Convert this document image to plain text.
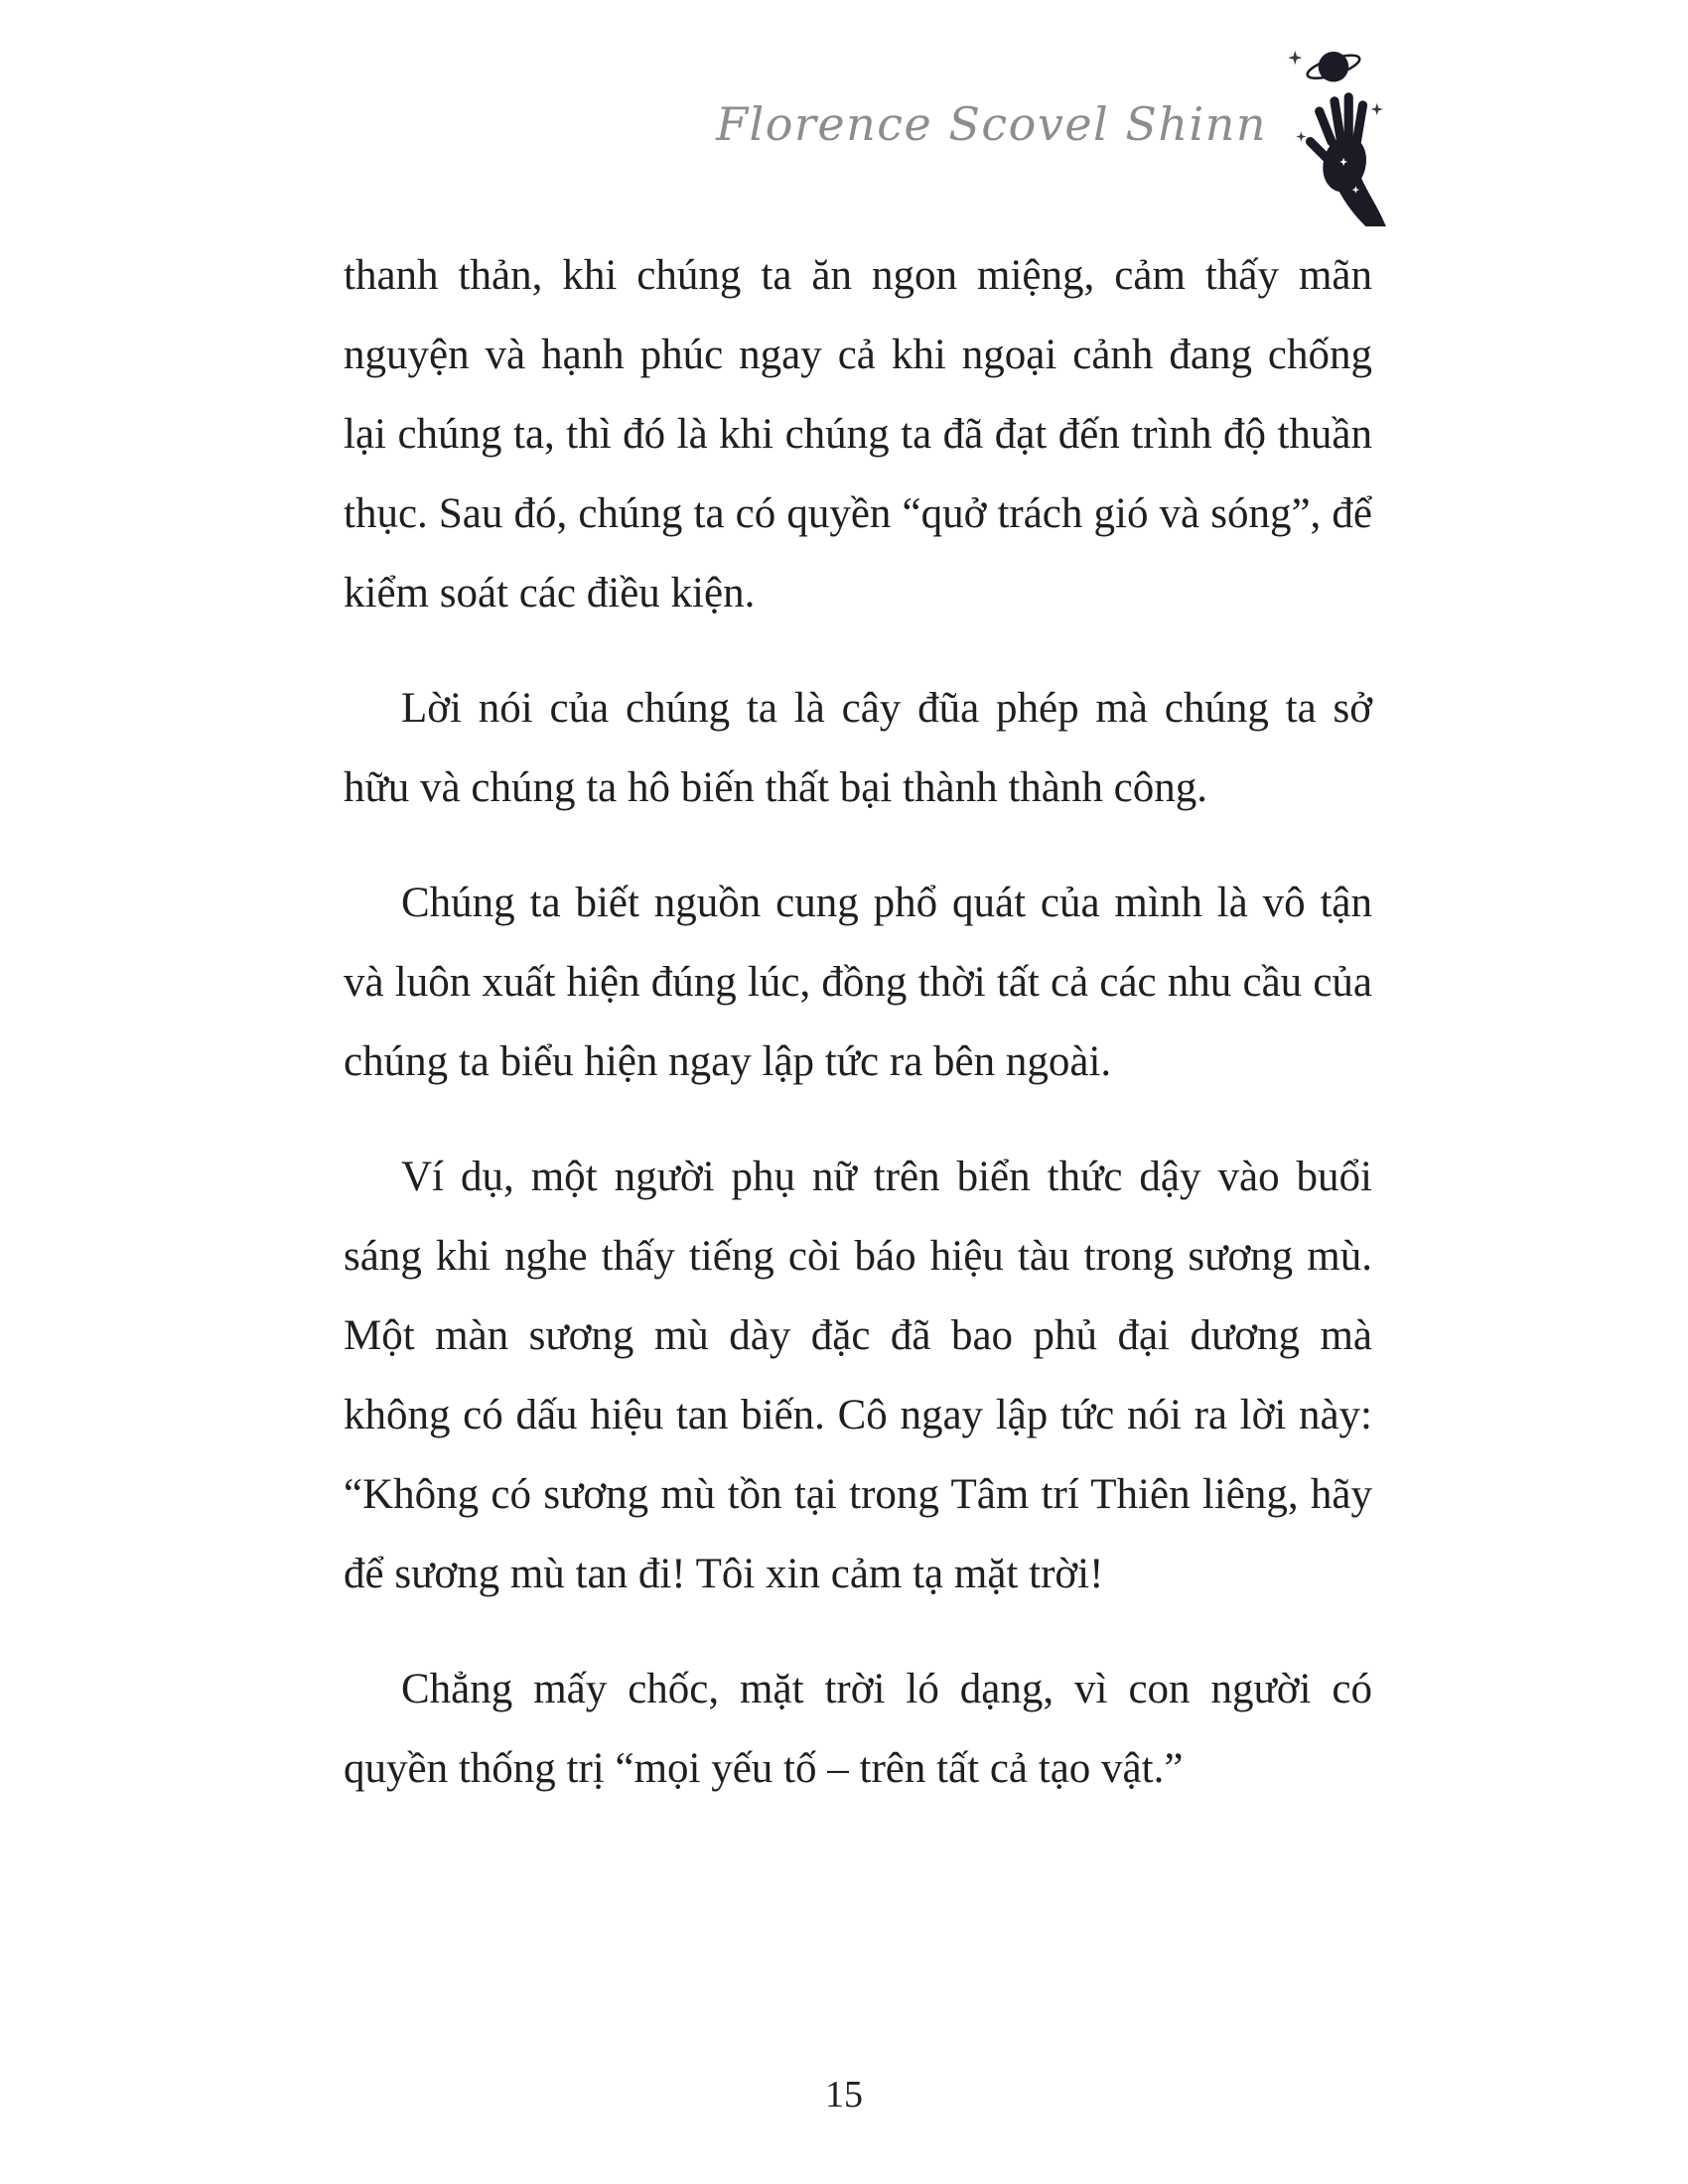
Florence Scovel Shinn

thanh thản, khi chúng ta ăn ngon miệng, cảm thấy mãn nguyện và hạnh phúc ngay cả khi ngoại cảnh đang chống lại chúng ta, thì đó là khi chúng ta đã đạt đến trình độ thuần thục. Sau đó, chúng ta có quyền “quở trách gió và sóng”, để kiểm soát các điều kiện.

Lời nói của chúng ta là cây đũa phép mà chúng ta sở hữu và chúng ta hô biến thất bại thành thành công.

Chúng ta biết nguồn cung phổ quát của mình là vô tận và luôn xuất hiện đúng lúc, đồng thời tất cả các nhu cầu của chúng ta biểu hiện ngay lập tức ra bên ngoài.

Ví dụ, một người phụ nữ trên biển thức dậy vào buổi sáng khi nghe thấy tiếng còi báo hiệu tàu trong sương mù. Một màn sương mù dày đặc đã bao phủ đại dương mà không có dấu hiệu tan biến. Cô ngay lập tức nói ra lời này: “Không có sương mù tồn tại trong Tâm trí Thiên liêng, hãy để sương mù tan đi! Tôi xin cảm tạ mặt trời!

Chẳng mấy chốc, mặt trời ló dạng, vì con người có quyền thống trị “mọi yếu tố – trên tất cả tạo vật.”

15
